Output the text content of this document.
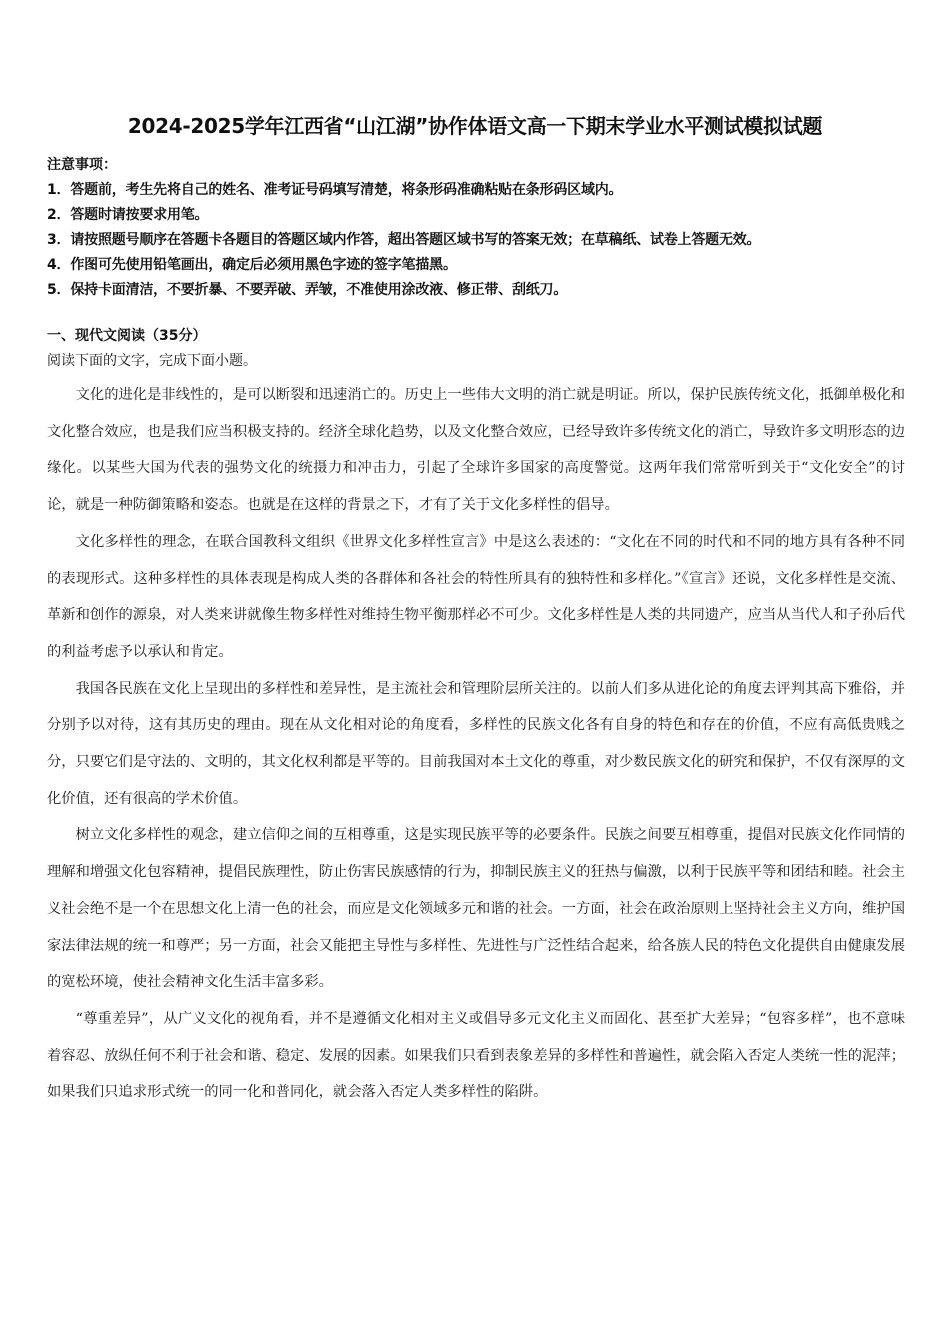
2024-2025学年江西省“山江湖”协作体语文高一下期末学业水平测试模拟试题
注意事项：
1．答题前，考生先将自己的姓名、准考证号码填写清楚，将条形码准确粘贴在条形码区域内。
2．答题时请按要求用笔。
3．请按照题号顺序在答题卡各题目的答题区域内作答，超出答题区域书写的答案无效；在草稿纸、试卷上答题无效。
4．作图可先使用铅笔画出，确定后必须用黑色字迹的签字笔描黑。
5．保持卡面清洁，不要折暴、不要弄破、弄皱，不准使用涂改液、修正带、刮纸刀。
一、现代文阅读（35分）
阅读下面的文字，完成下面小题。

文化的进化是非线性的，是可以断裂和迅速消亡的。历史上一些伟大文明的消亡就是明证。所以，保护民族传统文化，抵御单极化和文化整合效应，也是我们应当积极支持的。经济全球化趋势，以及文化整合效应，已经导致许多传统文化的消亡，导致许多文明形态的边缘化。以某些大国为代表的强势文化的统摄力和冲击力，引起了全球许多国家的高度警觉。这两年我们常常听到关于“文化安全”的讨论，就是一种防御策略和姿态。也就是在这样的背景之下，才有了关于文化多样性的倡导。

文化多样性的理念，在联合国教科文组织《世界文化多样性宣言》中是这么表述的：“文化在不同的时代和不同的地方具有各种不同的表现形式。这种多样性的具体表现是构成人类的各群体和各社会的特性所具有的独特性和多样化。”《宣言》还说，文化多样性是交流、革新和创作的源泉，对人类来讲就像生物多样性对维持生物平衡那样必不可少。文化多样性是人类的共同遗产，应当从当代人和子孙后代的利益考虑予以承认和肯定。

我国各民族在文化上呈现出的多样性和差异性，是主流社会和管理阶层所关注的。以前人们多从进化论的角度去评判其高下雅俗，并分别予以对待，这有其历史的理由。现在从文化相对论的角度看，多样性的民族文化各有自身的特色和存在的价值，不应有高低贵贱之分，只要它们是守法的、文明的，其文化权利都是平等的。目前我国对本土文化的尊重，对少数民族文化的研究和保护，不仅有深厚的文化价值，还有很高的学术价值。

树立文化多样性的观念，建立信仰之间的互相尊重，这是实现民族平等的必要条件。民族之间要互相尊重，提倡对民族文化作同情的理解和增强文化包容精神，提倡民族理性，防止伤害民族感情的行为，抑制民族主义的狂热与偏激，以利于民族平等和团结和睦。社会主义社会绝不是一个在思想文化上清一色的社会，而应是文化领域多元和谐的社会。一方面，社会在政治原则上坚持社会主义方向，维护国家法律法规的统一和尊严；另一方面，社会又能把主导性与多样性、先进性与广泛性结合起来，给各族人民的特色文化提供自由健康发展的宽松环境，使社会精神文化生活丰富多彩。

“尊重差异”，从广义文化的视角看，并不是遵循文化相对主义或倡导多元文化主义而固化、甚至扩大差异；“包容多样”，也不意味着容忍、放纵任何不利于社会和谐、稳定、发展的因素。如果我们只看到表象差异的多样性和普遍性，就会陷入否定人类统一性的泥萍；如果我们只追求形式统一的同一化和普同化，就会落入否定人类多样性的陷阱。
